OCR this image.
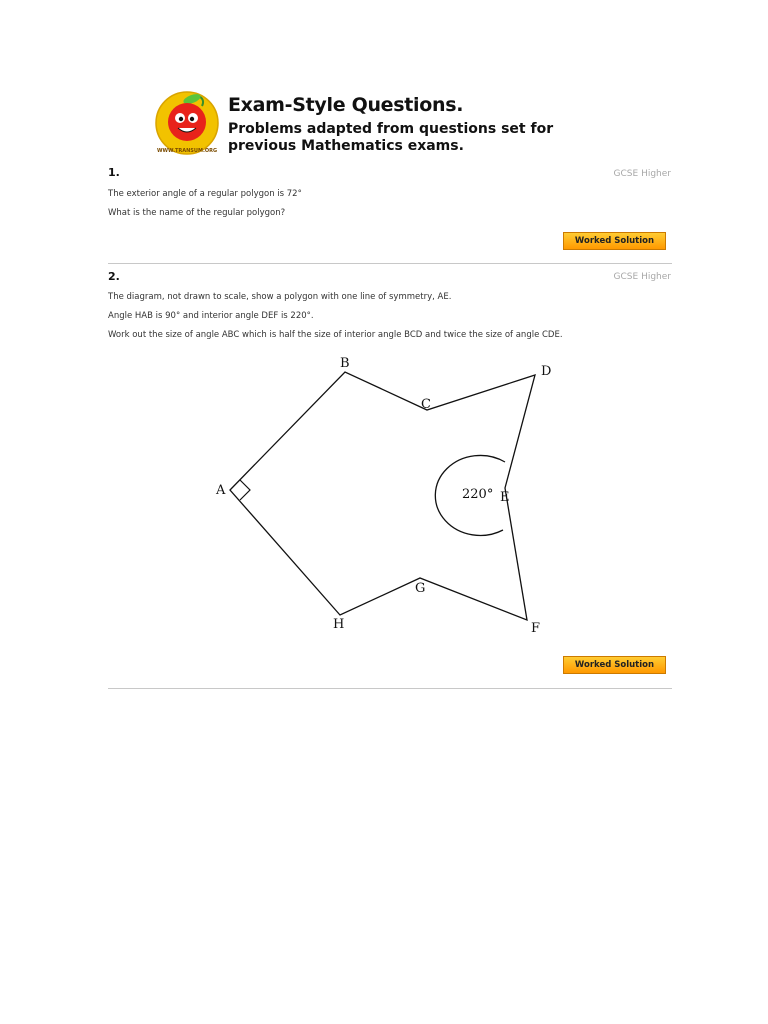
WWW.TRANSUM.ORG
Exam-Style Questions.
Problems adapted from questions set for previous Mathematics exams.
1.	GCSE Higher
The exterior angle of a regular polygon is 72°
What is the name of the regular polygon?
Worked Solution
2.	GCSE Higher
The diagram, not drawn to scale, show a polygon with one line of symmetry, AE.
Angle HAB is 90° and interior angle DEF is 220°.
Work out the size of angle ABC which is half the size of interior angle BCD and twice the size of angle CDE.
A
B
C
D
E
F
G
H
220°
Worked Solution
